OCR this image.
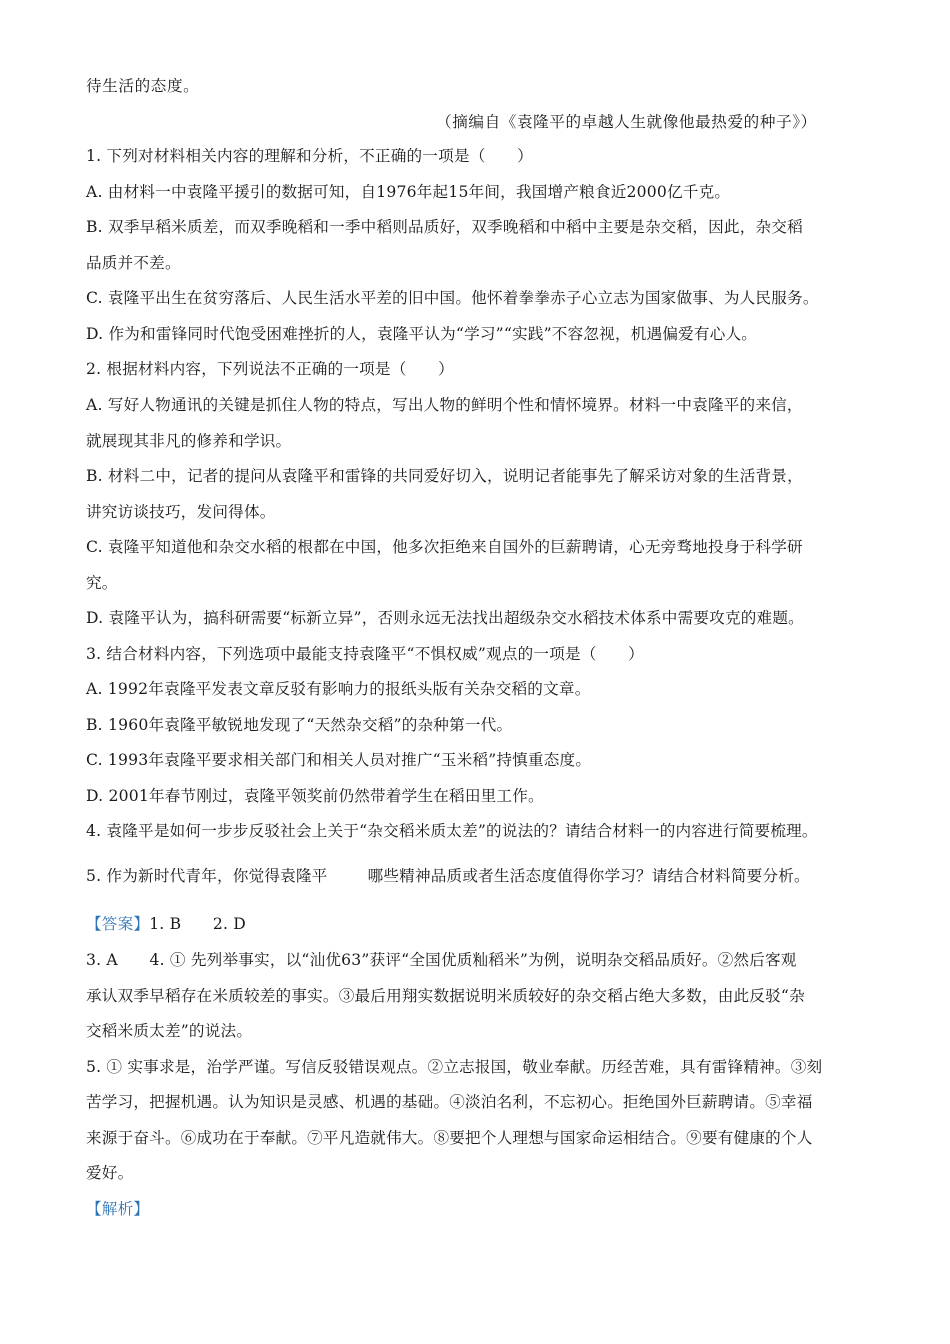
待生活的态度。
（摘编自《袁隆平的卓越人生就像他最热爱的种子》）
1. 下列对材料相关内容的理解和分析，不正确的一项是（　　）
A. 由材料一中袁隆平援引的数据可知，自1976年起15年间，我国增产粮食近2000亿千克。
B. 双季早稻米质差，而双季晚稻和一季中稻则品质好，双季晚稻和中稻中主要是杂交稻，因此，杂交稻
品质并不差。
C. 袁隆平出生在贫穷落后、人民生活水平差的旧中国。他怀着拳拳赤子心立志为国家做事、为人民服务。
D. 作为和雷锋同时代饱受困难挫折的人，袁隆平认为“学习”“实践”不容忽视，机遇偏爱有心人。
2. 根据材料内容，下列说法不正确的一项是（　　）
A. 写好人物通讯的关键是抓住人物的特点，写出人物的鲜明个性和情怀境界。材料一中袁隆平的来信，
就展现其非凡的修养和学识。
B. 材料二中，记者的提问从袁隆平和雷锋的共同爱好切入，说明记者能事先了解采访对象的生活背景，
讲究访谈技巧，发问得体。
C. 袁隆平知道他和杂交水稻的根都在中国，他多次拒绝来自国外的巨薪聘请，心无旁骛地投身于科学研
究。
D. 袁隆平认为，搞科研需要“标新立异”，否则永远无法找出超级杂交水稻技术体系中需要攻克的难题。
3. 结合材料内容，下列选项中最能支持袁隆平“不惧权威”观点的一项是（　　）
A. 1992年袁隆平发表文章反驳有影响力的报纸头版有关杂交稻的文章。
B. 1960年袁隆平敏锐地发现了“天然杂交稻”的杂种第一代。
C. 1993年袁隆平要求相关部门和相关人员对推广“玉米稻”持慎重态度。
D. 2001年春节刚过，袁隆平领奖前仍然带着学生在稻田里工作。
4. 袁隆平是如何一步步反驳社会上关于“杂交稻米质太差”的说法的？请结合材料一的内容进行简要梳理。
5. 作为新时代青年，你觉得袁隆平	哪些精神品质或者生活态度值得你学习？请结合材料简要分析。
【答案】1. B　　2. D
3. A　　4. ① 先列举事实，以“汕优63”获评“全国优质籼稻米”为例，说明杂交稻品质好。②然后客观
承认双季早稻存在米质较差的事实。③最后用翔实数据说明米质较好的杂交稻占绝大多数，由此反驳“杂
交稻米质太差”的说法。
5. ① 实事求是，治学严谨。写信反驳错误观点。②立志报国，敬业奉献。历经苦难，具有雷锋精神。③刻
苦学习，把握机遇。认为知识是灵感、机遇的基础。④淡泊名利，不忘初心。拒绝国外巨薪聘请。⑤幸福
来源于奋斗。⑥成功在于奉献。⑦平凡造就伟大。⑧要把个人理想与国家命运相结合。⑨要有健康的个人
爱好。
【解析】
